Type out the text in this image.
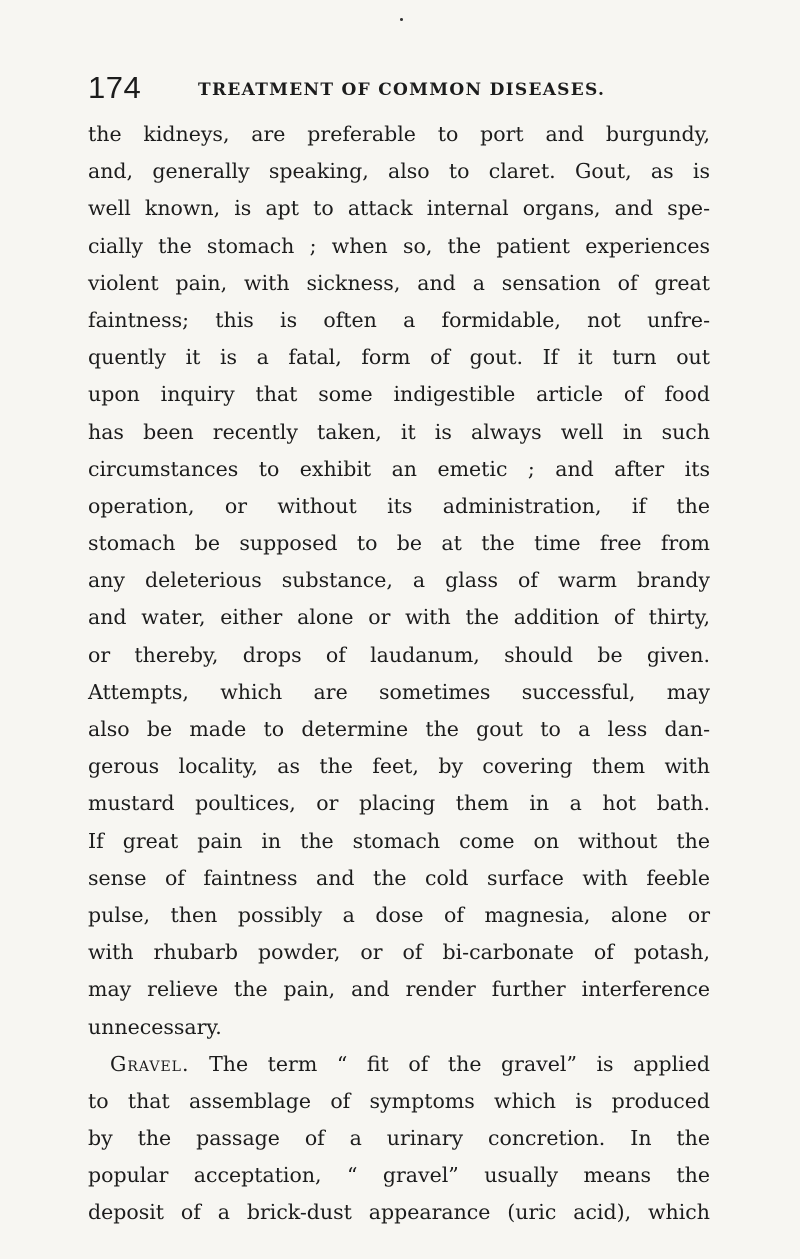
174	TREATMENT OF COMMON DISEASES.
the kidneys, are preferable to port and burgundy,
and, generally speaking, also to claret. Gout, as is
well known, is apt to attack internal organs, and spe-
cially the stomach ; when so, the patient experiences
violent pain, with sickness, and a sensation of great
faintness; this is often a formidable, not unfre-
quently it is a fatal, form of gout. If it turn out
upon inquiry that some indigestible article of food
has been recently taken, it is always well in such
circumstances to exhibit an emetic ; and after its
operation, or without its administration, if the
stomach be supposed to be at the time free from
any deleterious substance, a glass of warm brandy
and water, either alone or with the addition of thirty,
or thereby, drops of laudanum, should be given.
Attempts, which are sometimes successful, may
also be made to determine the gout to a less dan-
gerous locality, as the feet, by covering them with
mustard poultices, or placing them in a hot bath.
If great pain in the stomach come on without the
sense of faintness and the cold surface with feeble
pulse, then possibly a dose of magnesia, alone or
with rhubarb powder, or of bi-carbonate of potash,
may relieve the pain, and render further interference
unnecessary.
Gravel. The term “ fit of the gravel” is applied
to that assemblage of symptoms which is produced
by the passage of a urinary concretion. In the
popular acceptation, “ gravel” usually means the
deposit of a brick-dust appearance (uric acid), which
